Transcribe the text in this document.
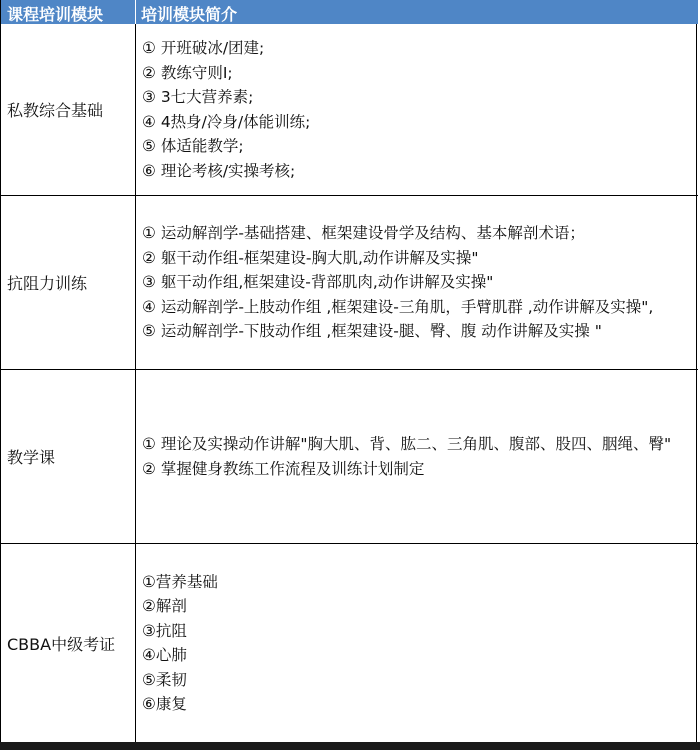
课程培训模块 培训模块简介
私教综合基础
① 开班破冰/团建;
② 教练守则I;
③ 3七大营养素;
④ 4热身/冷身/体能训练;
⑤ 体适能教学;
⑥ 理论考核/实操考核;
抗阻力训练
① 运动解剖学-基础搭建、框架建设骨学及结构、基本解剖术语；
② 躯干动作组-框架建设-胸大肌,动作讲解及实操"
③ 躯干动作组,框架建设-背部肌肉,动作讲解及实操"
④ 运动解剖学-上肢动作组 ,框架建设-三角肌，手臂肌群 ,动作讲解及实操",
⑤ 运动解剖学-下肢动作组 ,框架建设-腿、臀、腹 动作讲解及实操 "
教学课
① 理论及实操动作讲解"胸大肌、背、肱二、三角肌、腹部、股四、胭绳、臀"
② 掌握健身教练工作流程及训练计划制定
CBBA中级考证
①营养基础
②解剖
③抗阻
④心肺
⑤柔韧
⑥康复
